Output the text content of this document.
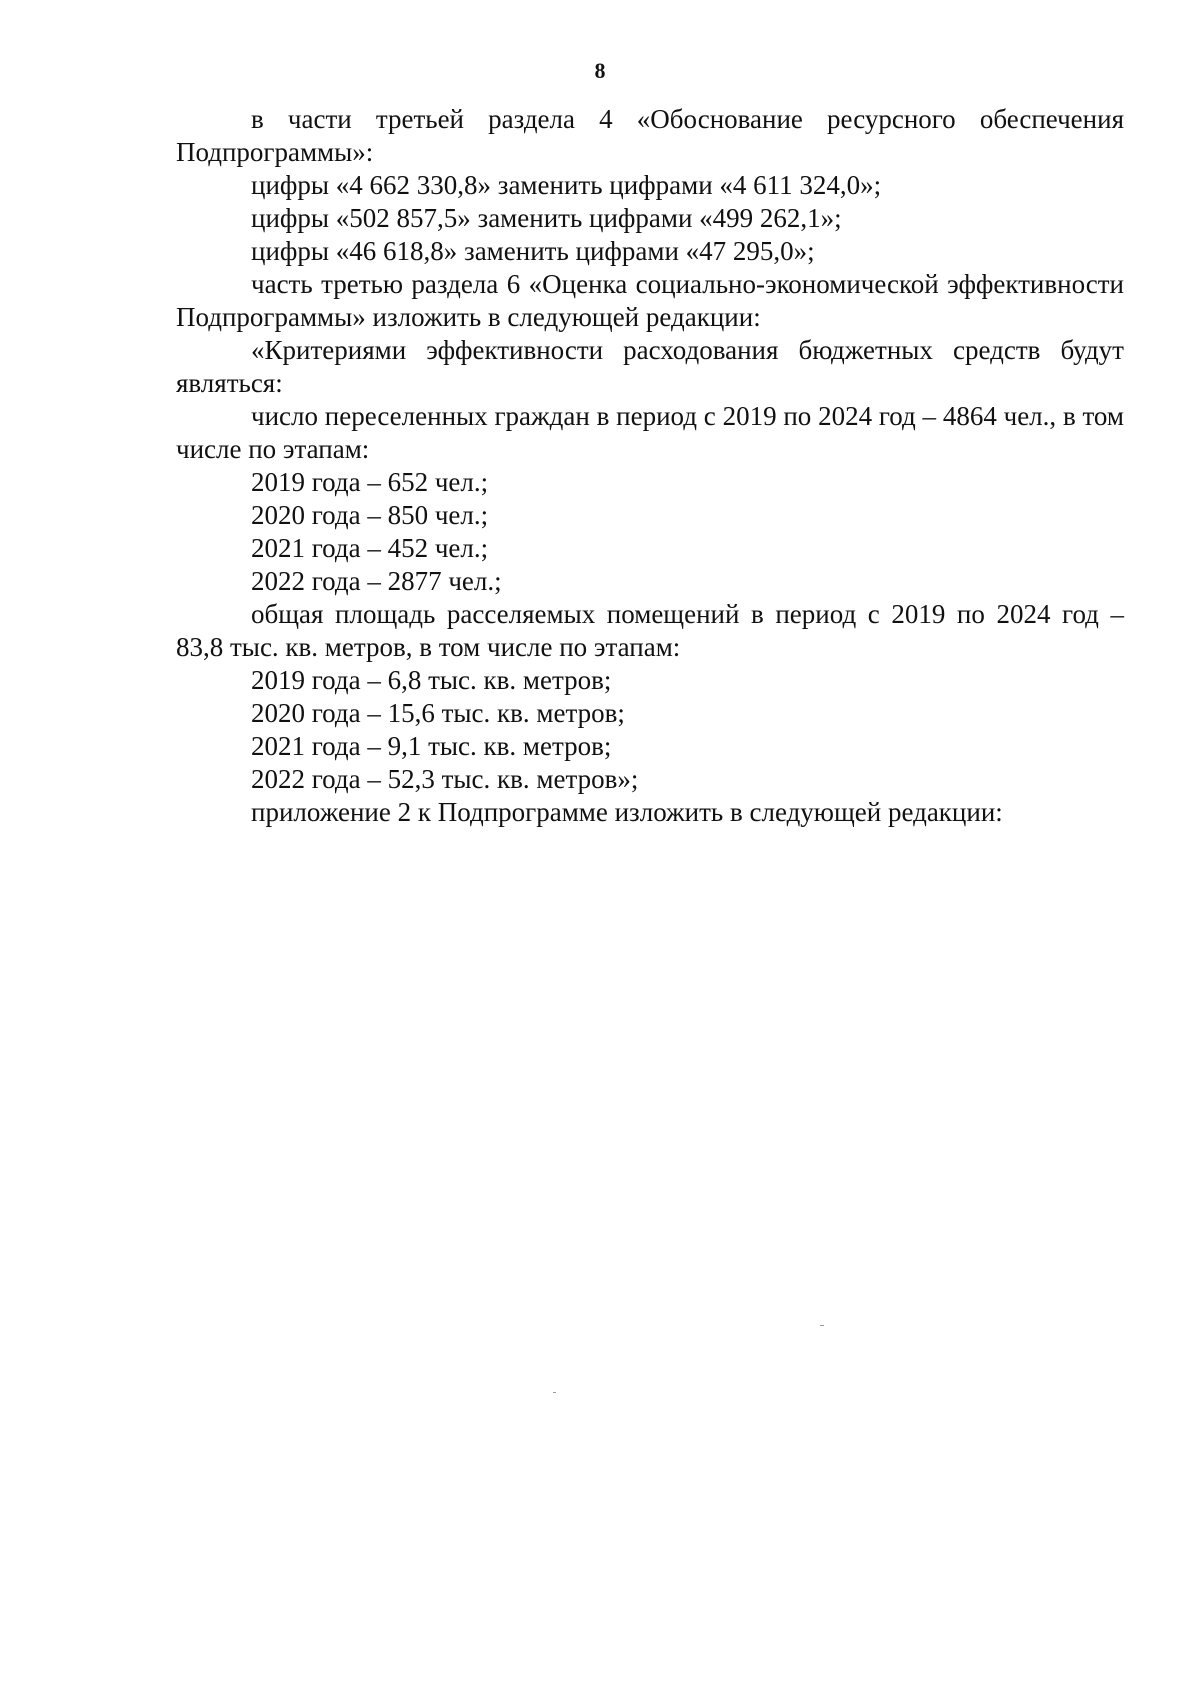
8

в части третьей раздела 4 «Обоснование ресурсного обеспечения Подпрограммы»:

цифры «4 662 330,8» заменить цифрами «4 611 324,0»;

цифры «502 857,5» заменить цифрами «499 262,1»;

цифры «46 618,8» заменить цифрами «47 295,0»;

часть третью раздела 6 «Оценка социально-экономической эффективности Подпрограммы» изложить в следующей редакции:

«Критериями эффективности расходования бюджетных средств будут являться:

число переселенных граждан в период с 2019 по 2024 год – 4864 чел., в том числе по этапам:

2019 года – 652 чел.;

2020 года – 850 чел.;

2021 года – 452 чел.;

2022 года – 2877 чел.;

общая площадь расселяемых помещений в период с 2019 по 2024 год – 83,8 тыс. кв. метров, в том числе по этапам:

2019 года – 6,8 тыс. кв. метров;

2020 года – 15,6 тыс. кв. метров;

2021 года – 9,1 тыс. кв. метров;

2022 года – 52,3 тыс. кв. метров»;

приложение 2 к Подпрограмме изложить в следующей редакции:
